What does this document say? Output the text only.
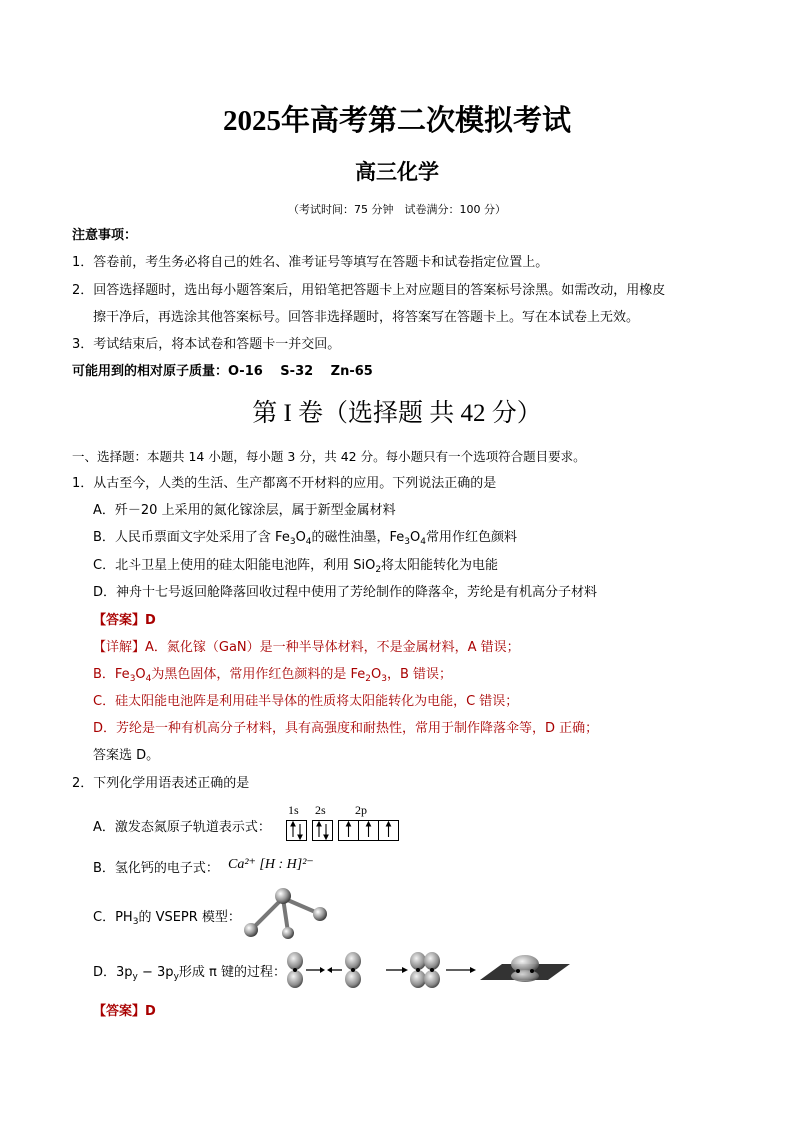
2025年高考第二次模拟考试
高三化学
（考试时间：75 分钟　试卷满分：100 分）
注意事项：
1．答卷前，考生务必将自己的姓名、准考证号等填写在答题卡和试卷指定位置上。
2．回答选择题时，选出每小题答案后，用铅笔把答题卡上对应题目的答案标号涂黑。如需改动，用橡皮
擦干净后，再选涂其他答案标号。回答非选择题时，将答案写在答题卡上。写在本试卷上无效。
3．考试结束后，将本试卷和答题卡一并交回。
可能用到的相对原子质量：O-16　 S-32　 Zn-65
第 I 卷（选择题 共 42 分）
一、选择题：本题共 14 小题，每小题 3 分，共 42 分。每小题只有一个选项符合题目要求。
1．从古至今，人类的生活、生产都离不开材料的应用。下列说法正确的是
A．歼－20 上采用的氮化镓涂层，属于新型金属材料
B．人民币票面文字处采用了含 $Fe_3O_4$的磁性油墨，$Fe_3O_4$常用作红色颜料
C．北斗卫星上使用的硅太阳能电池阵，利用 SiO$_2$将太阳能转化为电能
D．神舟十七号返回舱降落回收过程中使用了芳纶制作的降落伞，芳纶是有机高分子材料
【答案】D
【详解】A．氮化镓（GaN）是一种半导体材料，不是金属材料，A 错误；
B．$Fe_3O_4$为黑色固体，常用作红色颜料的是 $Fe_2O_3$，B 错误；
C．硅太阳能电池阵是利用硅半导体的性质将太阳能转化为电能，C 错误；
D．芳纶是一种有机高分子材料，具有高强度和耐热性，常用于制作降落伞等，D 正确；
答案选 D。
2．下列化学用语表述正确的是
A．激发态氮原子轨道表示式：
1s 2s 2p
B．氢化钙的电子式： Ca²⁺ [H : H]²⁻
C．$PH_3$的 VSEPR 模型：
D．$3p_y - 3p_y$形成 π 键的过程：
【答案】D
